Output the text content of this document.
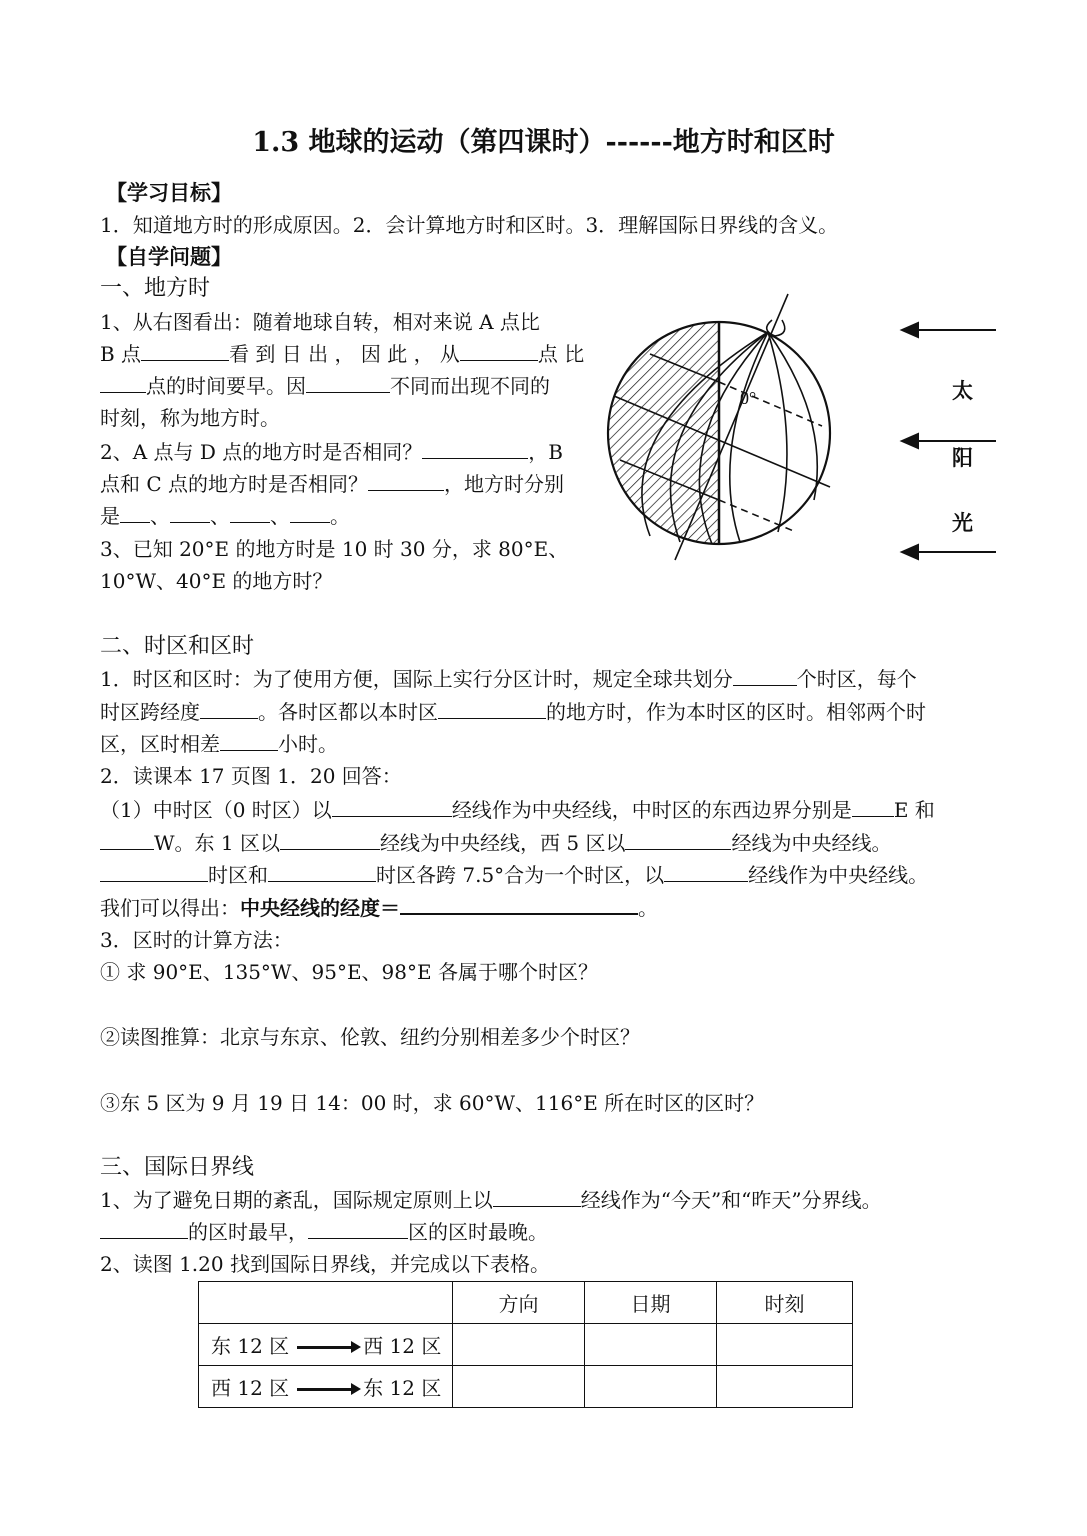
1.3 地球的运动（第四课时）------地方时和区时
【学习目标】
1．知道地方时的形成原因。2．会计算地方时和区时。3．理解国际日界线的含义。
【自学问题】
一、地方时
1、从右图看出：随着地球自转，相对来说 A 点比
B 点	看 到 日 出 ， 因 此 ， 从	点 比
点的时间要早。因	不同而出现不同的
时刻，称为地方时。
2、A 点与 D 点的地方时是否相同？	，B
点和 C 点的地方时是否相同？	，地方时分别
是 、 、 、 。
3、已知 20°E 的地方时是 10 时 30 分，求 80°E、
10°W、40°E 的地方时？
0°	太
阳
光
二、时区和区时
1．时区和区时：为了使用方便，国际上实行分区计时，规定全球共划分	个时区，每个
时区跨经度	。各时区都以本时区	的地方时，作为本时区的区时。相邻两个时
区，区时相差	小时。
2．读课本 17 页图 1．20 回答：
（1）中时区（0 时区）以	经线作为中央经线，中时区的东西边界分别是 E 和
W。东 1 区以	经线为中央经线，西 5 区以	经线为中央经线。
时区和	时区各跨 7.5°合为一个时区，以	经线作为中央经线。
我们可以得出：中央经线的经度＝	。
3．区时的计算方法：
① 求 90°E、135°W、95°E、98°E 各属于哪个时区？
②读图推算：北京与东京、伦敦、纽约分别相差多少个时区？
③东 5 区为 9 月 19 日 14：00 时，求 60°W、116°E 所在时区的区时？
三、国际日界线
1、为了避免日期的紊乱，国际规定原则上以	经线作为“今天”和“昨天”分界线。
的区时最早，	区的区时最晚。
2、读图 1.20 找到国际日界线，并完成以下表格。
	方向	日期	时刻
东 12 区 西 12 区			
西 12 区 东 12 区			
